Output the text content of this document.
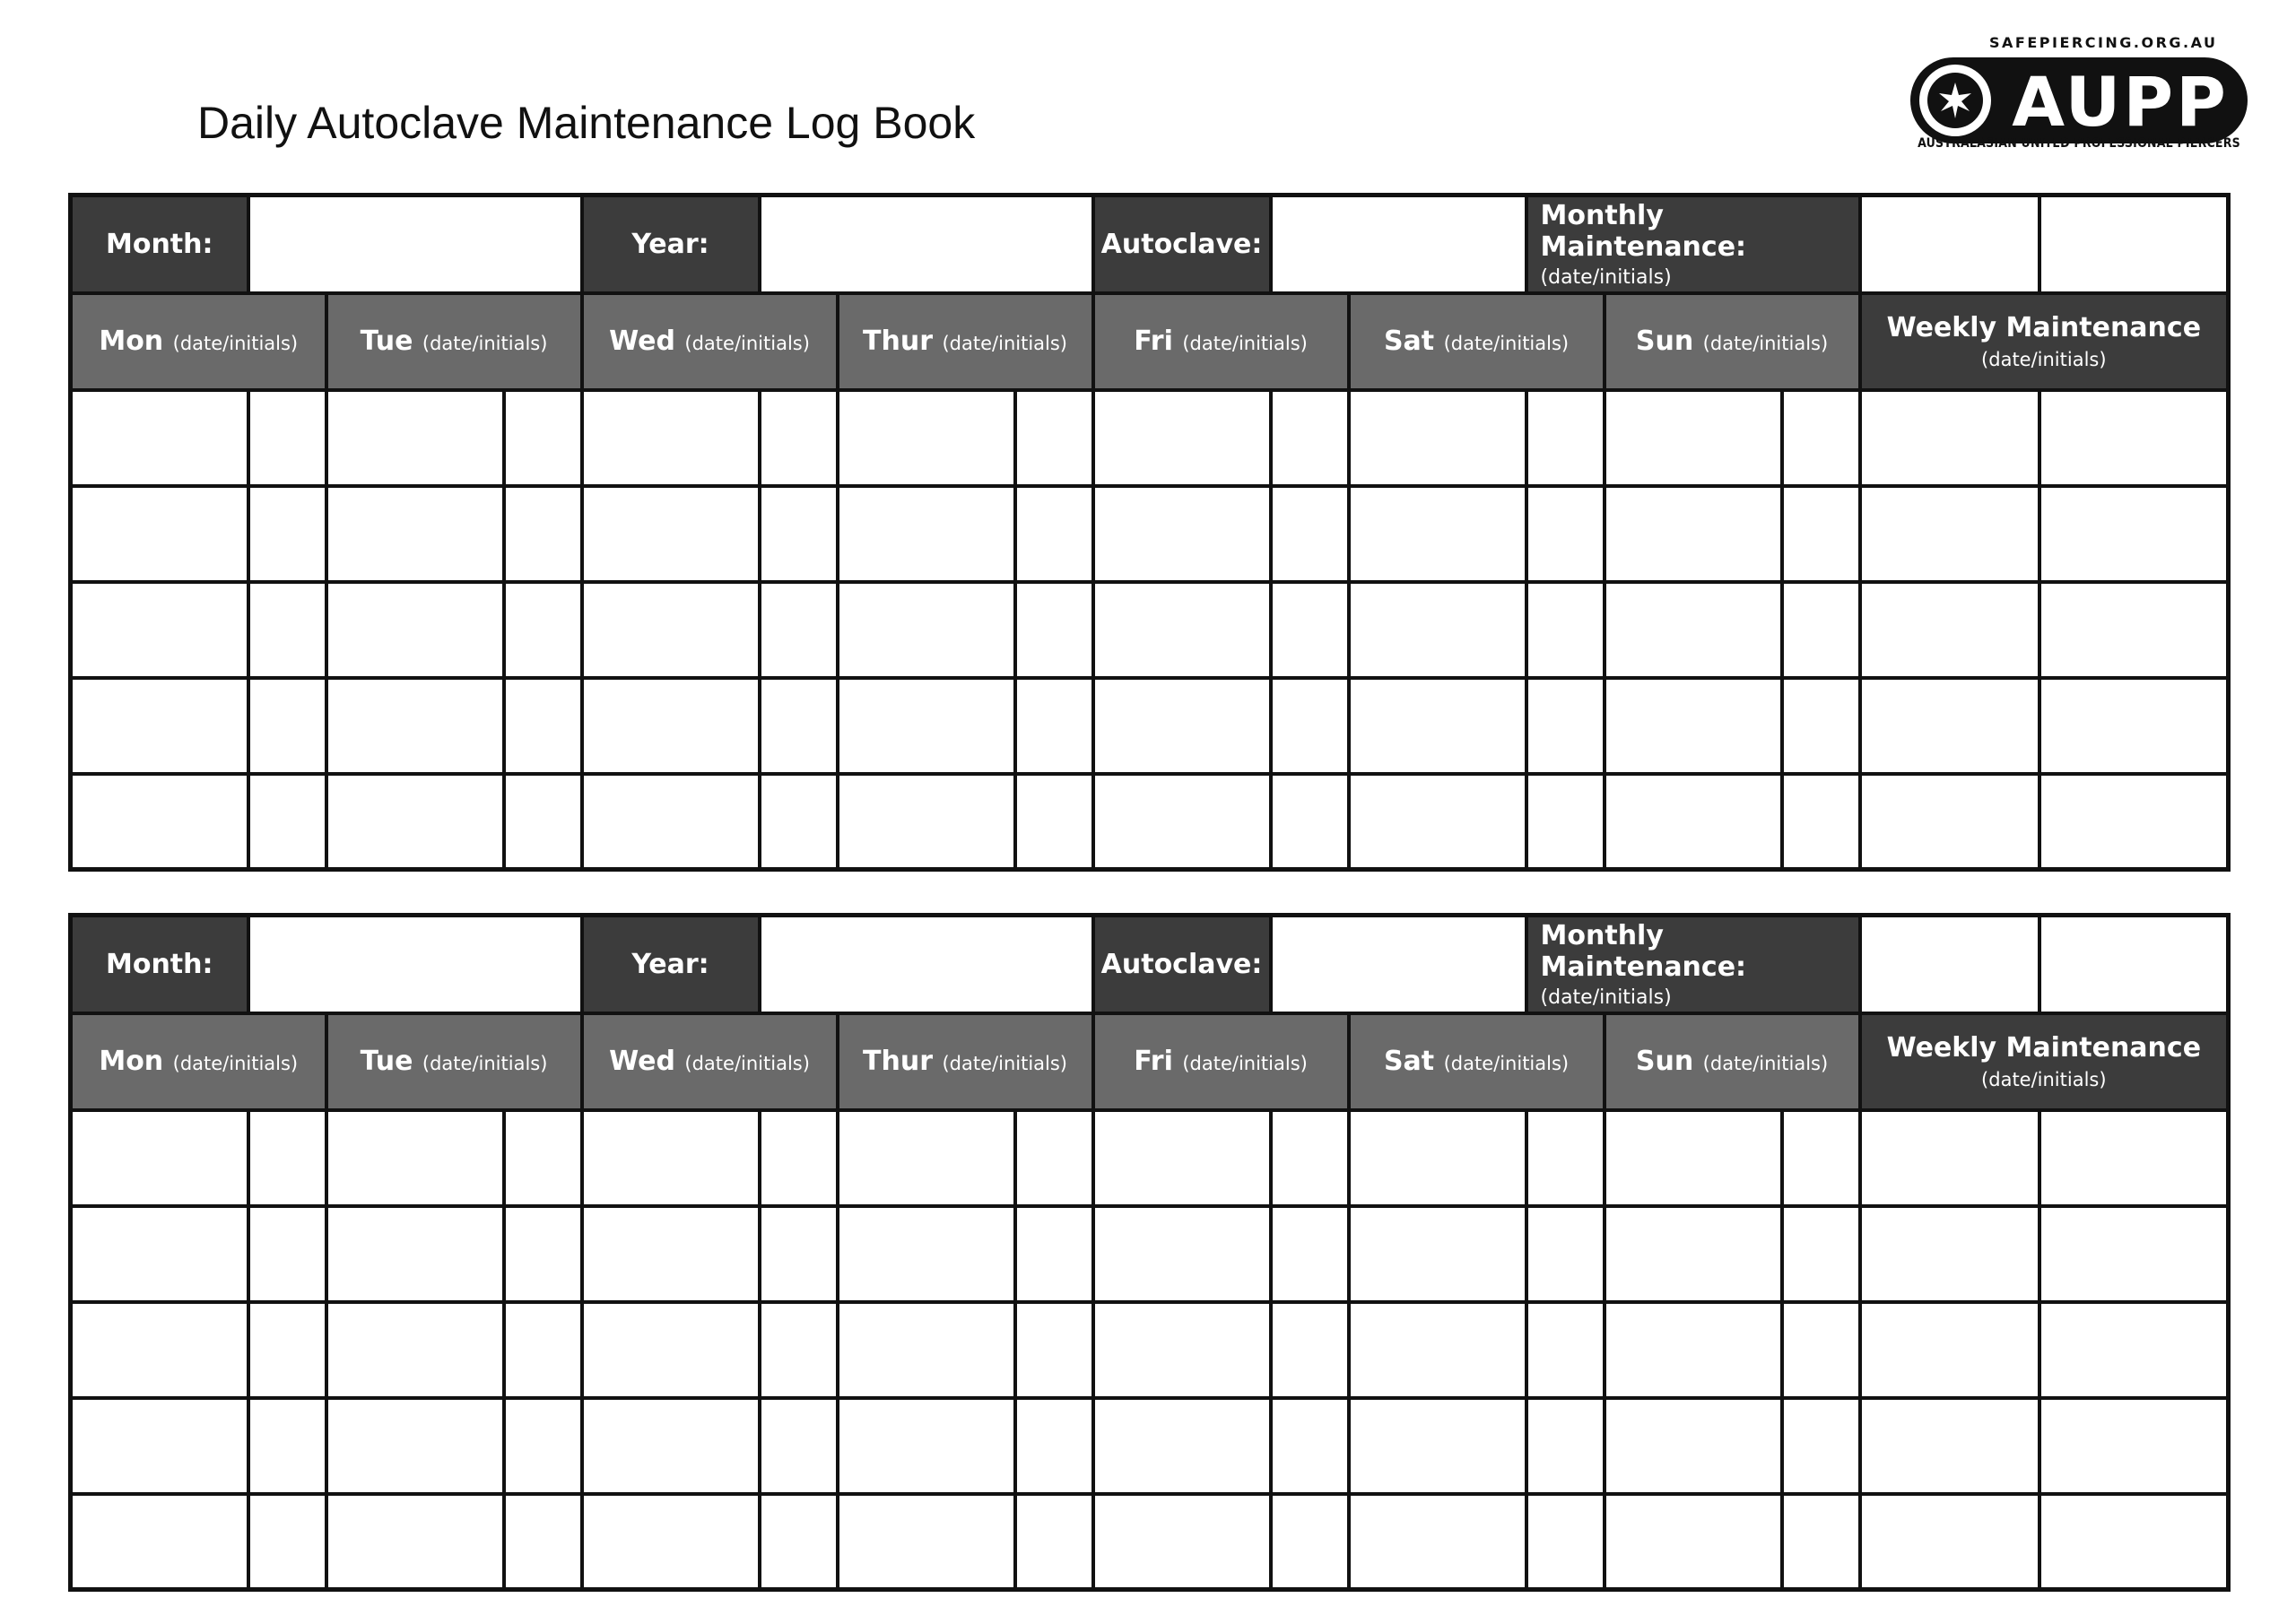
Daily Autoclave Maintenance Log Book
SAFEPIERCING.ORG.AU
AUPP
AUSTRALASIAN UNITED PROFESSIONAL PIERCERS
Month:				Year:				Autoclave:			Monthly Maintenance:
(date/initials)				

Mon (date/initials)		Tue (date/initials)		Wed (date/initials)		Thur (date/initials)		Fri (date/initials)		Sat (date/initials)		Sun (date/initials)		Weekly Maintenance
(date/initials)	

Month:				Year:				Autoclave:			Monthly Maintenance:
(date/initials)				

Mon (date/initials)		Tue (date/initials)		Wed (date/initials)		Thur (date/initials)		Fri (date/initials)		Sat (date/initials)		Sun (date/initials)		Weekly Maintenance
(date/initials)	
